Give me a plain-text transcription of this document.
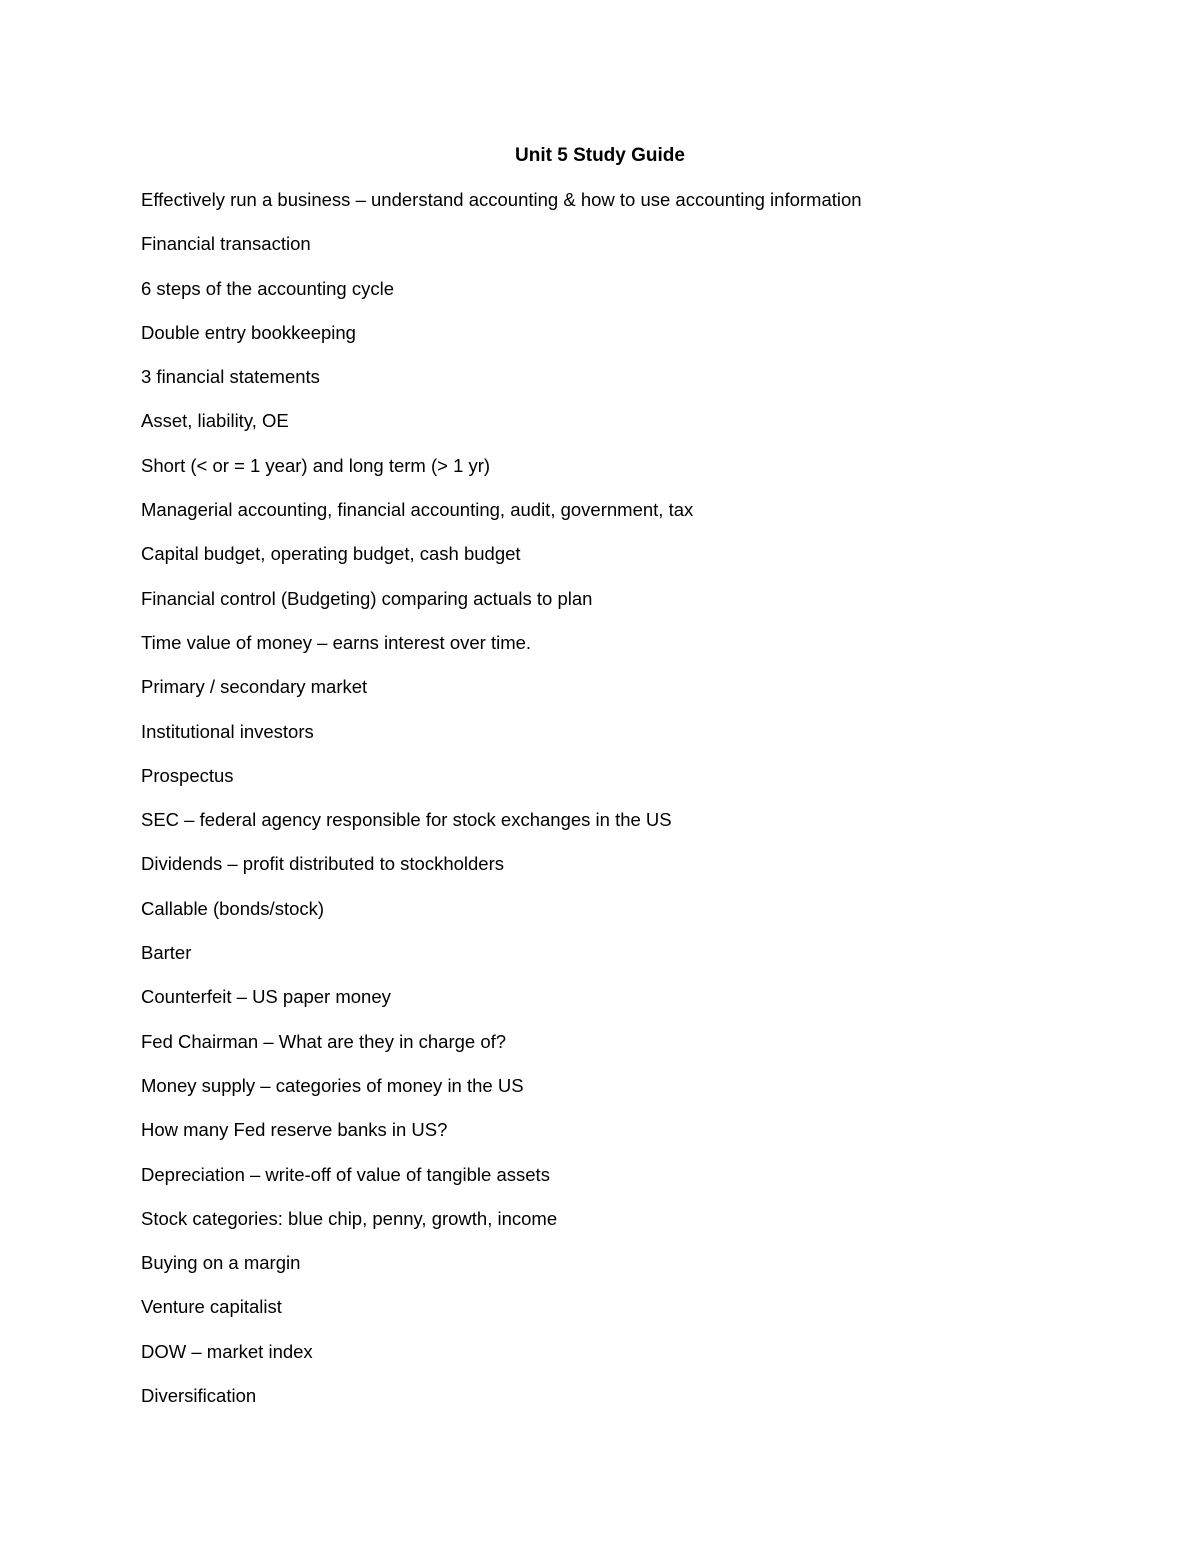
Unit 5 Study Guide
Effectively run a business – understand accounting & how to use accounting information
Financial transaction
6 steps of the accounting cycle
Double entry bookkeeping
3 financial statements
Asset, liability, OE
Short (< or = 1 year) and long term (> 1 yr)
Managerial accounting, financial accounting, audit, government, tax
Capital budget, operating budget, cash budget
Financial control (Budgeting) comparing actuals to plan
Time value of money – earns interest over time.
Primary / secondary market
Institutional investors
Prospectus
SEC – federal agency responsible for stock exchanges in the US
Dividends – profit distributed to stockholders
Callable (bonds/stock)
Barter
Counterfeit – US paper money
Fed Chairman – What are they in charge of?
Money supply – categories of money in the US
How many Fed reserve banks in US?
Depreciation – write-off of value of tangible assets
Stock categories: blue chip, penny, growth, income
Buying on a margin
Venture capitalist
DOW – market index
Diversification
